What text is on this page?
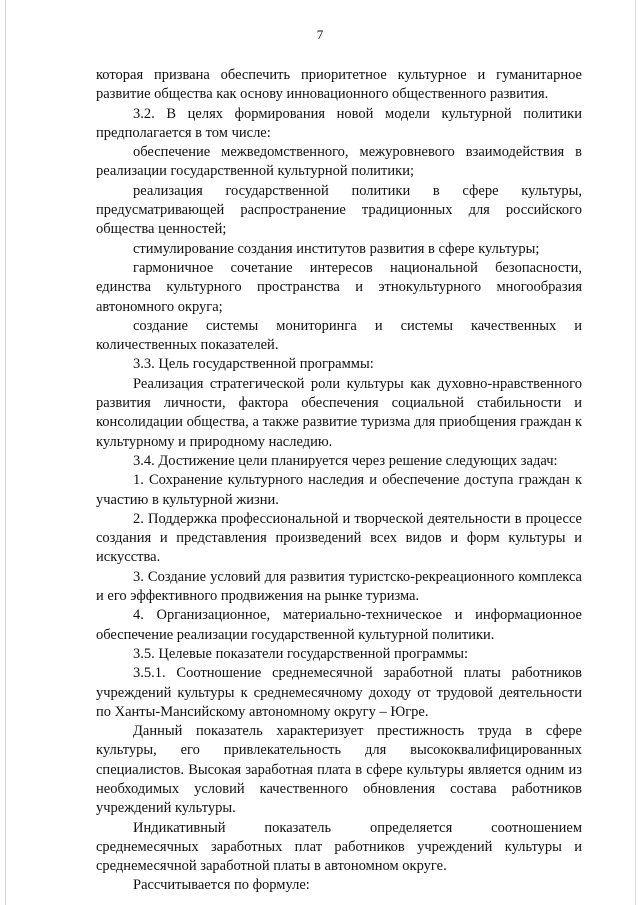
7

которая призвана обеспечить приоритетное культурное и гуманитарное развитие общества как основу инновационного общественного развития.

3.2. В целях формирования новой модели культурной политики предполагается в том числе:

обеспечение межведомственного, межуровневого взаимодействия в реализации государственной культурной политики;

реализация государственной политики в сфере культуры, предусматривающей распространение традиционных для российского общества ценностей;

стимулирование создания институтов развития в сфере культуры;

гармоничное сочетание интересов национальной безопасности, единства культурного пространства и этнокультурного многообразия автономного округа;

создание системы мониторинга и системы качественных и количественных показателей.

3.3. Цель государственной программы:

Реализация стратегической роли культуры как духовно-нравственного развития личности, фактора обеспечения социальной стабильности и консолидации общества, а также развитие туризма для приобщения граждан к культурному и природному наследию.

3.4. Достижение цели планируется через решение следующих задач:

1. Сохранение культурного наследия и обеспечение доступа граждан к участию в культурной жизни.

2. Поддержка профессиональной и творческой деятельности в процессе создания и представления произведений всех видов и форм культуры и искусства.

3. Создание условий для развития туристско-рекреационного комплекса и его эффективного продвижения на рынке туризма.

4. Организационное, материально-техническое и информационное обеспечение реализации государственной культурной политики.

3.5. Целевые показатели государственной программы:

3.5.1. Соотношение среднемесячной заработной платы работников учреждений культуры к среднемесячному доходу от трудовой деятельности по Ханты-Мансийскому автономному округу – Югре.

Данный показатель характеризует престижность труда в сфере культуры, его привлекательность для высококвалифицированных специалистов. Высокая заработная плата в сфере культуры является одним из необходимых условий качественного обновления состава работников учреждений культуры.

Индикативный показатель определяется соотношением среднемесячных заработных плат работников учреждений культуры и среднемесячной заработной платы в автономном округе.

Рассчитывается по формуле:
